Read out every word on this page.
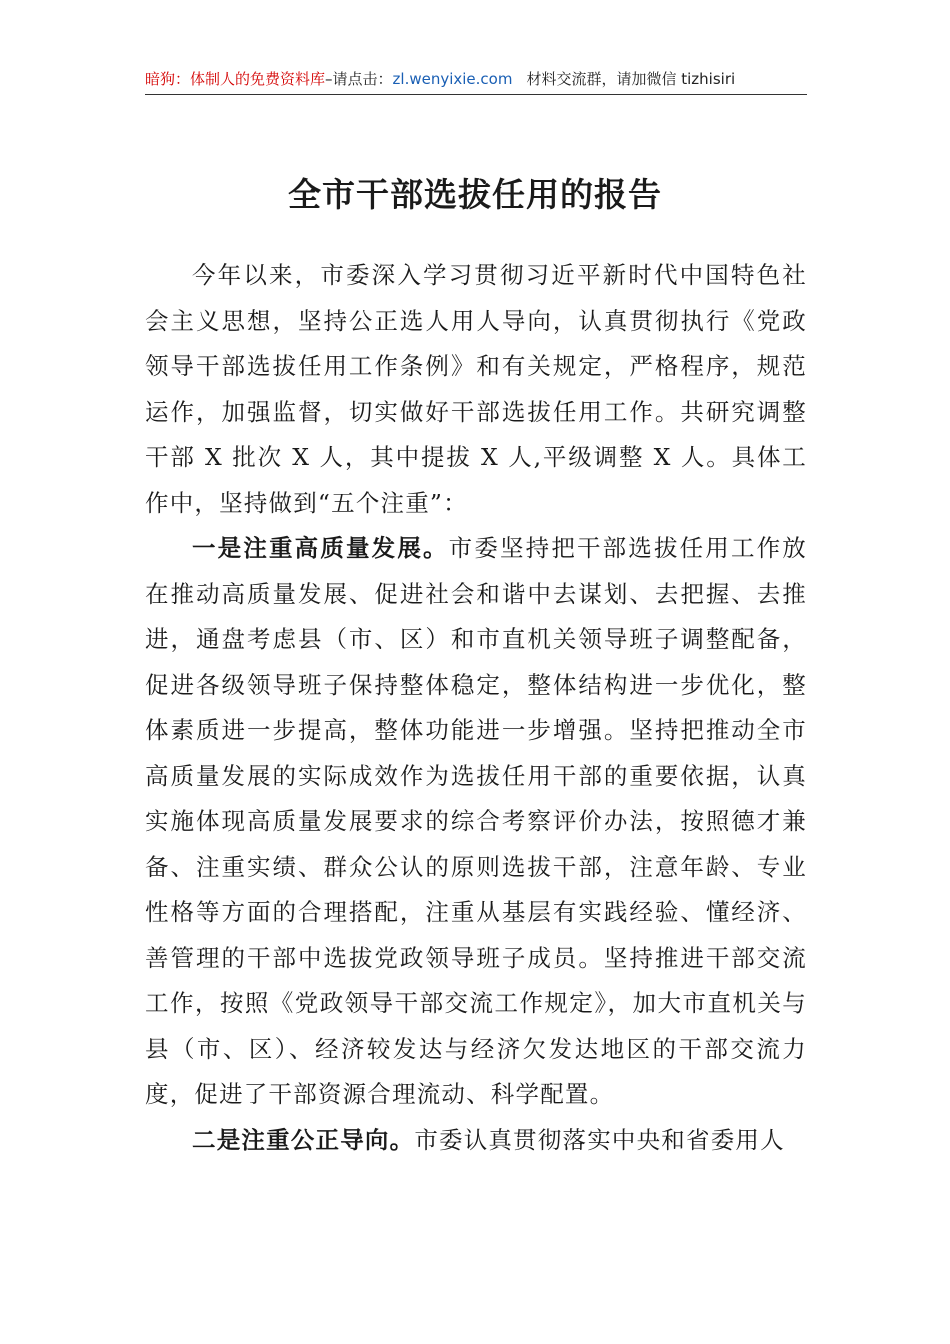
暗狗：体制人的免费资料库–请点击：zl.wenyixie.com 材料交流群，请加微信 tizhisiri
全市干部选拔任用的报告

今年以来，市委深入学习贯彻习近平新时代中国特色社会主义思想，坚持公正选人用人导向，认真贯彻执行《党政领导干部选拔任用工作条例》和有关规定，严格程序，规范运作，加强监督，切实做好干部选拔任用工作。共研究调整干部 X 批次 X 人，其中提拔 X 人,平级调整 X 人。具体工作中，坚持做到“五个注重”：

一是注重高质量发展。市委坚持把干部选拔任用工作放在推动高质量发展、促进社会和谐中去谋划、去把握、去推进，通盘考虑县（市、区）和市直机关领导班子调整配备，促进各级领导班子保持整体稳定，整体结构进一步优化，整体素质进一步提高，整体功能进一步增强。坚持把推动全市高质量发展的实际成效作为选拔任用干部的重要依据，认真实施体现高质量发展要求的综合考察评价办法，按照德才兼备、注重实绩、群众公认的原则选拔干部，注意年龄、专业性格等方面的合理搭配，注重从基层有实践经验、懂经济、善管理的干部中选拔党政领导班子成员。坚持推进干部交流工作，按照《党政领导干部交流工作规定》，加大市直机关与县（市、区）、经济较发达与经济欠发达地区的干部交流力度，促进了干部资源合理流动、科学配置。

二是注重公正导向。市委认真贯彻落实中央和省委用人
